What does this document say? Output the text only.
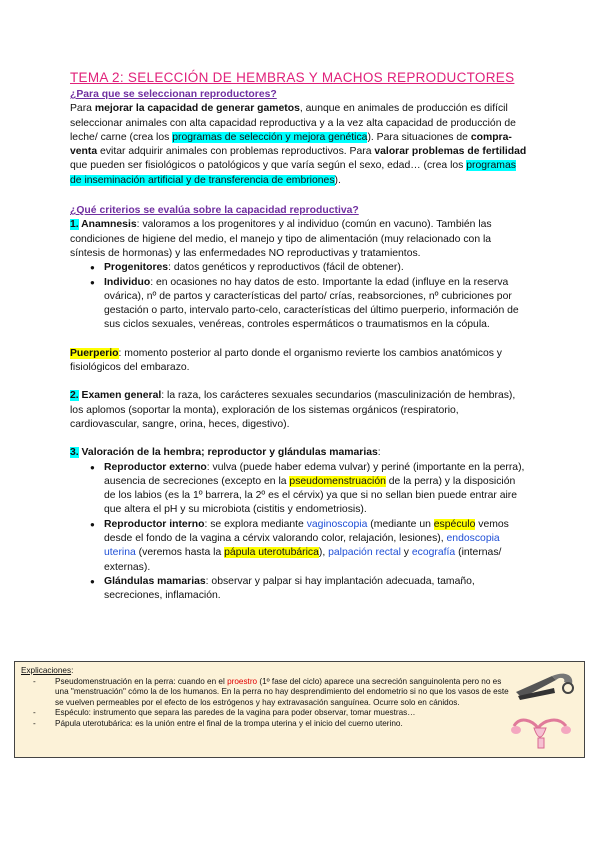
TEMA 2: SELECCIÓN DE HEMBRAS Y MACHOS REPRODUCTORES
¿Para que se seleccionan reproductores?

Para mejorar la capacidad de generar gametos, aunque en animales de producción es difícil seleccionar animales con alta capacidad reproductiva y a la vez alta capacidad de producción de leche/ carne (crea los programas de selección y mejora genética). Para situaciones de compra-venta evitar adquirir animales con problemas reproductivos. Para valorar problemas de fertilidad que pueden ser fisiológicos o patológicos y que varía según el sexo, edad… (crea los programas de inseminación artificial y de transferencia de embriones).

¿Qué criterios se evalúa sobre la capacidad reproductiva?

1. Anamnesis: valoramos a los progenitores y al individuo (común en vacuno). También las condiciones de higiene del medio, el manejo y tipo de alimentación (muy relacionado con la síntesis de hormonas) y las enfermedades NO reproductivas y tratamientos.

● Progenitores: datos genéticos y reproductivos (fácil de obtener).
● Individuo: en ocasiones no hay datos de esto. Importante la edad (influye en la reserva ovárica), nº de partos y características del parto/ crías, reabsorciones, nº cubriciones por gestación o parto, intervalo parto-celo, características del último puerperio, información de sus ciclos sexuales, venéreas, controles espermáticos o traumatismos en la cópula.

Puerperio: momento posterior al parto donde el organismo revierte los cambios anatómicos y fisiológicos del embarazo.

2. Examen general: la raza, los carácteres sexuales secundarios (masculinización de hembras), los aplomos (soportar la monta), exploración de los sistemas orgánicos (respiratorio, cardiovascular, sangre, orina, heces, digestivo).

3. Valoración de la hembra; reproductor y glándulas mamarias:

● Reproductor externo: vulva (puede haber edema vulvar) y periné (importante en la perra), ausencia de secreciones (excepto en la pseudomenstruación de la perra) y la disposición de los labios (es la 1º barrera, la 2º es el cérvix) ya que si no sellan bien puede entrar aire que altera el pH y su microbiota (cistitis y endometriosis).
● Reproductor interno: se explora mediante vaginoscopia (mediante un espéculo vemos desde el fondo de la vagina a cérvix valorando color, relajación, lesiones), endoscopia uterina (veremos hasta la pápula uterotubárica), palpación rectal y ecografía (internas/ externas).
● Glándulas mamarias: observar y palpar si hay implantación adecuada, tamaño, secreciones, inflamación.
Explicaciones:
-	Pseudomenstruación en la perra: cuando en el proestro (1º fase del ciclo) aparece una secreción sanguinolenta pero no es una "menstruación" cómo la de los humanos. En la perra no hay desprendimiento del endometrio si no que los vasos de este se vuelven permeables por el efecto de los estrógenos y hay extravasación sanguínea. Ocurre solo en cánidos.
-	Espéculo: instrumento que separa las paredes de la vagina para poder observar, tomar muestras…
-	Pápula uterotubárica: es la unión entre el final de la trompa uterina y el inicio del cuerno uterino.
